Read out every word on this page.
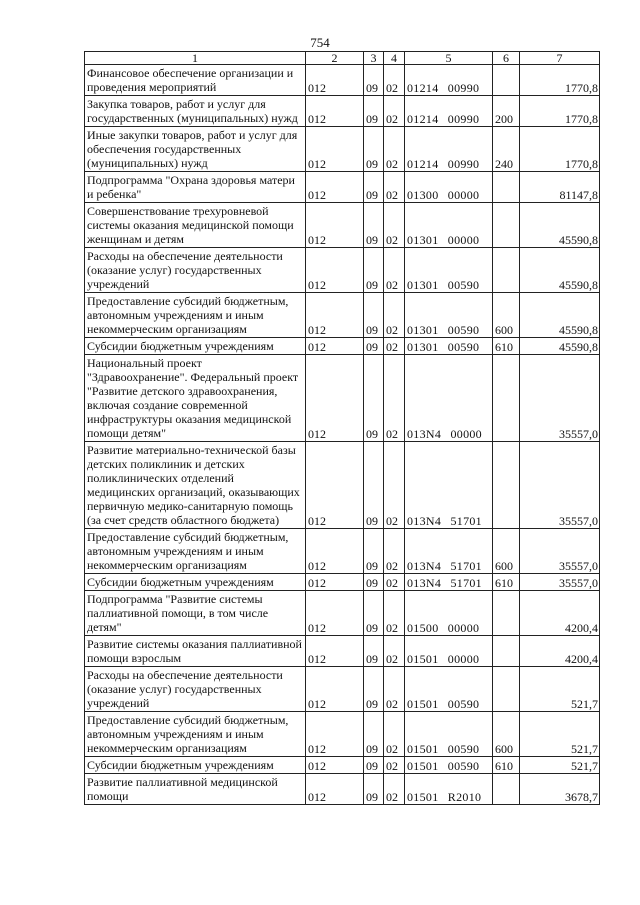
754
1	2	3	4	5	6	7
Финансовое обеспечение организации и проведения мероприятий	012	09	02	01214 00990		1770,8
Закупка товаров, работ и услуг для государственных (муниципальных) нужд	012	09	02	01214 00990	200	1770,8
Иные закупки товаров, работ и услуг для обеспечения государственных (муниципальных) нужд	012	09	02	01214 00990	240	1770,8
Подпрограмма "Охрана здоровья матери и ребенка"	012	09	02	01300 00000		81147,8
Совершенствование трехуровневой системы оказания медицинской помощи женщинам и детям	012	09	02	01301 00000		45590,8
Расходы на обеспечение деятельности (оказание услуг) государственных учреждений	012	09	02	01301 00590		45590,8
Предоставление субсидий бюджетным, автономным учреждениям и иным некоммерческим организациям	012	09	02	01301 00590	600	45590,8
Субсидии бюджетным учреждениям	012	09	02	01301 00590	610	45590,8
Национальный проект "Здравоохранение". Федеральный проект "Развитие детского здравоохранения, включая создание современной инфраструктуры оказания медицинской помощи детям"	012	09	02	013N4 00000		35557,0
Развитие материально-технической базы детских поликлиник и детских поликлинических отделений медицинских организаций, оказывающих первичную медико-санитарную помощь (за счет средств областного бюджета)	012	09	02	013N4 51701		35557,0
Предоставление субсидий бюджетным, автономным учреждениям и иным некоммерческим организациям	012	09	02	013N4 51701	600	35557,0
Субсидии бюджетным учреждениям	012	09	02	013N4 51701	610	35557,0
Подпрограмма "Развитие системы паллиативной помощи, в том числе детям"	012	09	02	01500 00000		4200,4
Развитие системы оказания паллиативной помощи взрослым	012	09	02	01501 00000		4200,4
Расходы на обеспечение деятельности (оказание услуг) государственных учреждений	012	09	02	01501 00590		521,7
Предоставление субсидий бюджетным, автономным учреждениям и иным некоммерческим организациям	012	09	02	01501 00590	600	521,7
Субсидии бюджетным учреждениям	012	09	02	01501 00590	610	521,7
Развитие паллиативной медицинской помощи	012	09	02	01501 R2010		3678,7
